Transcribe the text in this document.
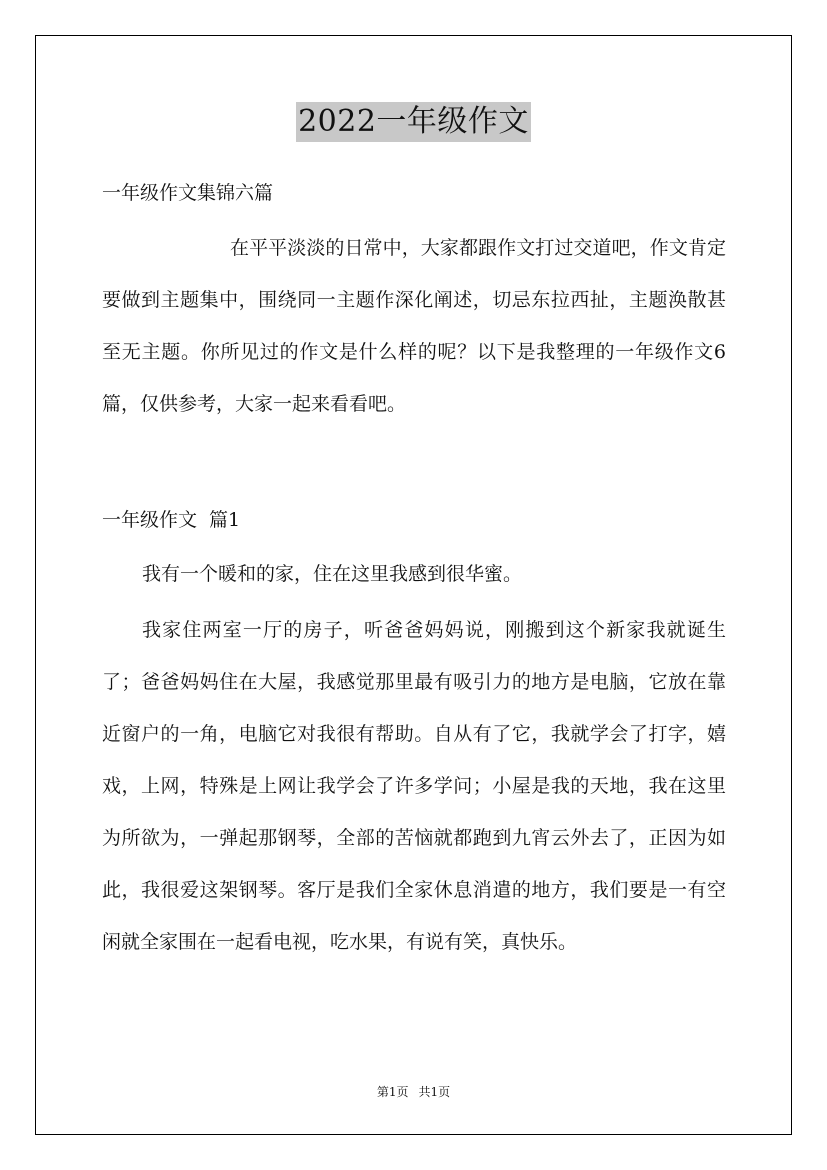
2022一年级作文

一年级作文集锦六篇

在平平淡淡的日常中，大家都跟作文打过交道吧，作文肯定要做到主题集中，围绕同一主题作深化阐述，切忌东拉西扯，主题涣散甚至无主题。你所见过的作文是什么样的呢？以下是我整理的一年级作文6篇，仅供参考，大家一起来看看吧。

一年级作文 篇1

我有一个暖和的家，住在这里我感到很华蜜。

我家住两室一厅的房子，听爸爸妈妈说，刚搬到这个新家我就诞生了；爸爸妈妈住在大屋，我感觉那里最有吸引力的地方是电脑，它放在靠近窗户的一角，电脑它对我很有帮助。自从有了它，我就学会了打字，嬉戏，上网，特殊是上网让我学会了许多学问；小屋是我的天地，我在这里为所欲为，一弹起那钢琴，全部的苦恼就都跑到九宵云外去了，正因为如此，我很爱这架钢琴。客厅是我们全家休息消遣的地方，我们要是一有空闲就全家围在一起看电视，吃水果，有说有笑，真快乐。

第1页 共1页
